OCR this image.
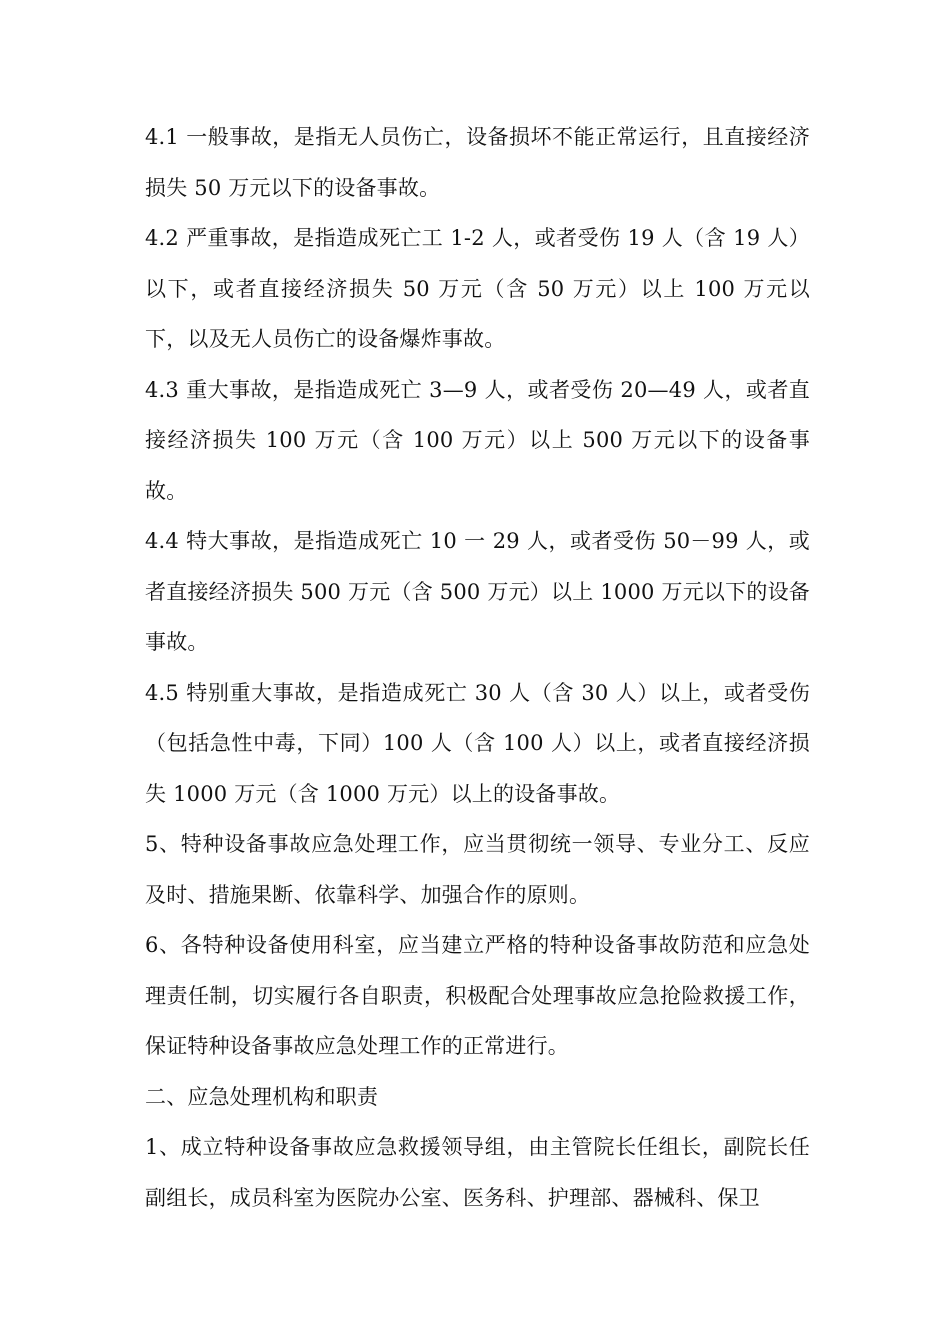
4.1 一般事故，是指无人员伤亡，设备损坏不能正常运行，且直接经济损失 50 万元以下的设备事故。

4.2 严重事故，是指造成死亡工 1-2 人，或者受伤 19 人（含 19 人）以下，或者直接经济损失 50 万元（含 50 万元）以上 100 万元以下，以及无人员伤亡的设备爆炸事故。

4.3 重大事故，是指造成死亡 3—9 人，或者受伤 20—49 人，或者直接经济损失 100 万元（含 100 万元）以上 500 万元以下的设备事故。

4.4 特大事故，是指造成死亡 10 一 29 人，或者受伤 50－99 人，或者直接经济损失 500 万元（含 500 万元）以上 1000 万元以下的设备事故。

4.5 特别重大事故，是指造成死亡 30 人（含 30 人）以上，或者受伤（包括急性中毒，下同）100 人（含 100 人）以上，或者直接经济损失 1000 万元（含 1000 万元）以上的设备事故。

5、特种设备事故应急处理工作，应当贯彻统一领导、专业分工、反应及时、措施果断、依靠科学、加强合作的原则。

6、各特种设备使用科室，应当建立严格的特种设备事故防范和应急处理责任制，切实履行各自职责，积极配合处理事故应急抢险救援工作，保证特种设备事故应急处理工作的正常进行。

二、应急处理机构和职责

1、成立特种设备事故应急救援领导组，由主管院长任组长，副院长任副组长，成员科室为医院办公室、医务科、护理部、器械科、保卫
